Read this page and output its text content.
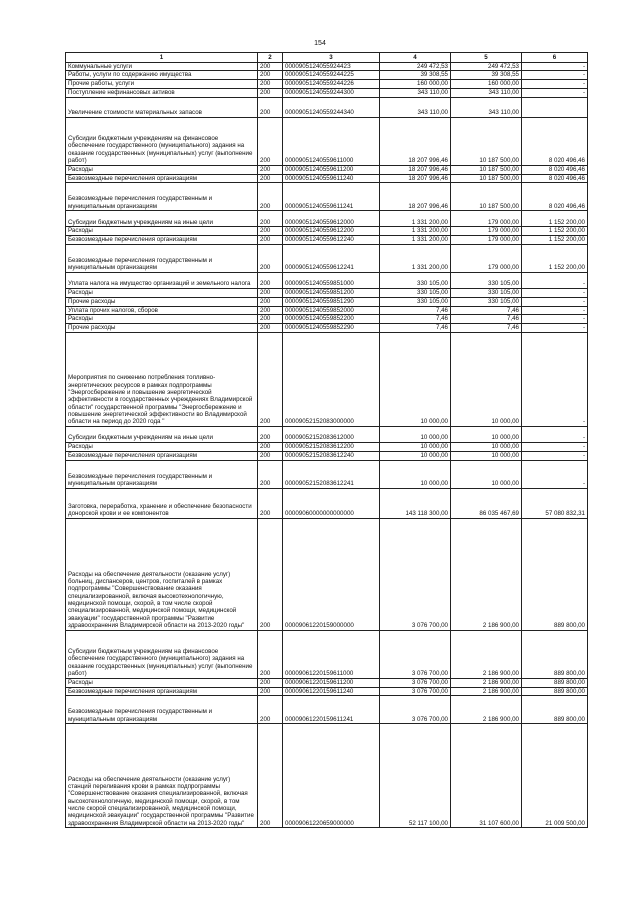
154
1	2	3	4	5	6
Коммунальные услуги	200	000090512405592442З	249 472,53	249 472,53	-
Работы, услуги по содержанию имущества	200	00009051240559244225	39 308,55	39 308,55	-
Прочие работы, услуги	200	00009051240559244226	160 000,00	160 000,00	-
Поступление нефинансовых активов	200	00009051240559244300	343 110,00	343 110,00	-
Увеличение стоимости материальных запасов	200	00009051240559244340	343 110,00	343 110,00	
Субсидии бюджетным учреждениям на финансовое обеспечение государственного (муниципального) задания на оказание государственных (муниципальных) услуг (выполнение работ)	200	00009051240559611000	18 207 996,46	10 187 500,00	8 020 496,46
Расходы	200	00009051240559611200	18 207 996,46	10 187 500,00	8 020 496,46
Безвозмездные перечисления организациям	200	00009051240559611240	18 207 996,46	10 187 500,00	8 020 496,46
Безвозмездные перечисления государственным и муниципальным организациям	200	00009051240559611241	18 207 996,46	10 187 500,00	8 020 496,46
Субсидии бюджетным учреждениям на иные цели	200	00009051240559612000	1 331 200,00	179 000,00	1 152 200,00
Расходы	200	00009051240559612200	1 331 200,00	179 000,00	1 152 200,00
Безвозмездные перечисления организациям	200	00009051240559612240	1 331 200,00	179 000,00	1 152 200,00
Безвозмездные перечисления государственным и муниципальным организациям	200	00009051240559612241	1 331 200,00	179 000,00	1 152 200,00
Уплата налога на имущество организаций и земельного налога	200	00009051240559851000	330 105,00	330 105,00	-
Расходы	200	00009051240559851200	330 105,00	330 105,00	-
Прочие расходы	200	00009051240559851290	330 105,00	330 105,00	-
Уплата прочих налогов, сборов	200	00009051240559852000	7,46	7,46	-
Расходы	200	00009051240559852200	7,46	7,46	-
Прочие расходы	200	00009051240559852290	7,46	7,46	-
Мероприятия по снижению потребления топливно-энергетических ресурсов в рамках подпрограммы "Энергосбережение и повышение энергетической эффективности в государственных учреждениях Владимирской области" государственной программы "Энергосбережение и повышение энергетической эффективности во Владимирской области на период до 2020 года "	200	00009052152083000000	10 000,00	10 000,00	-
Субсидии бюджетным учреждениям на иные цели	200	00009052152083612000	10 000,00	10 000,00	-
Расходы	200	00009052152083612200	10 000,00	10 000,00	-
Безвозмездные перечисления организациям	200	00009052152083612240	10 000,00	10 000,00	-
Безвозмездные перечисления государственным и муниципальным организациям	200	00009052152083612241	10 000,00	10 000,00	-
Заготовка, переработка, хранение и обеспечение безопасности донорской крови и ее компонентов	200	00009060000000000000	143 118 300,00	86 035 467,69	57 080 832,31
Расходы на обеспечение деятельности (оказание услуг) больниц, диспансеров, центров, госпиталей в рамках подпрограммы "Совершенствование оказания специализированной, включая высокотехнологичную, медицинской помощи, скорой, в том числе скорой специализированной, медицинской помощи, медицинской эвакуации" государственной программы "Развитие здравоохранения Владимирской области на 2013-2020 годы"	200	00009061220159000000	3 076 700,00	2 186 900,00	889 800,00
Субсидии бюджетным учреждениям на финансовое обеспечение государственного (муниципального) задания на оказание государственных (муниципальных) услуг (выполнение работ)	200	00009061220159611000	3 076 700,00	2 186 900,00	889 800,00
Расходы	200	00009061220159611200	3 076 700,00	2 186 900,00	889 800,00
Безвозмездные перечисления организациям	200	00009061220159611240	3 076 700,00	2 186 900,00	889 800,00
Безвозмездные перечисления государственным и муниципальным организациям	200	00009061220159611241	3 076 700,00	2 186 900,00	889 800,00
Расходы на обеспечение деятельности (оказание услуг) станций переливания крови в рамках подпрограммы "Совершенствование оказания специализированной, включая высокотехнологичную, медицинской помощи, скорой, в том числе скорой специализированной, медицинской помощи, медицинской эвакуации" государственной программы "Развитие здравоохранения Владимирской области на 2013-2020 годы"	200	00009061220659000000	52 117 100,00	31 107 600,00	21 009 500,00
